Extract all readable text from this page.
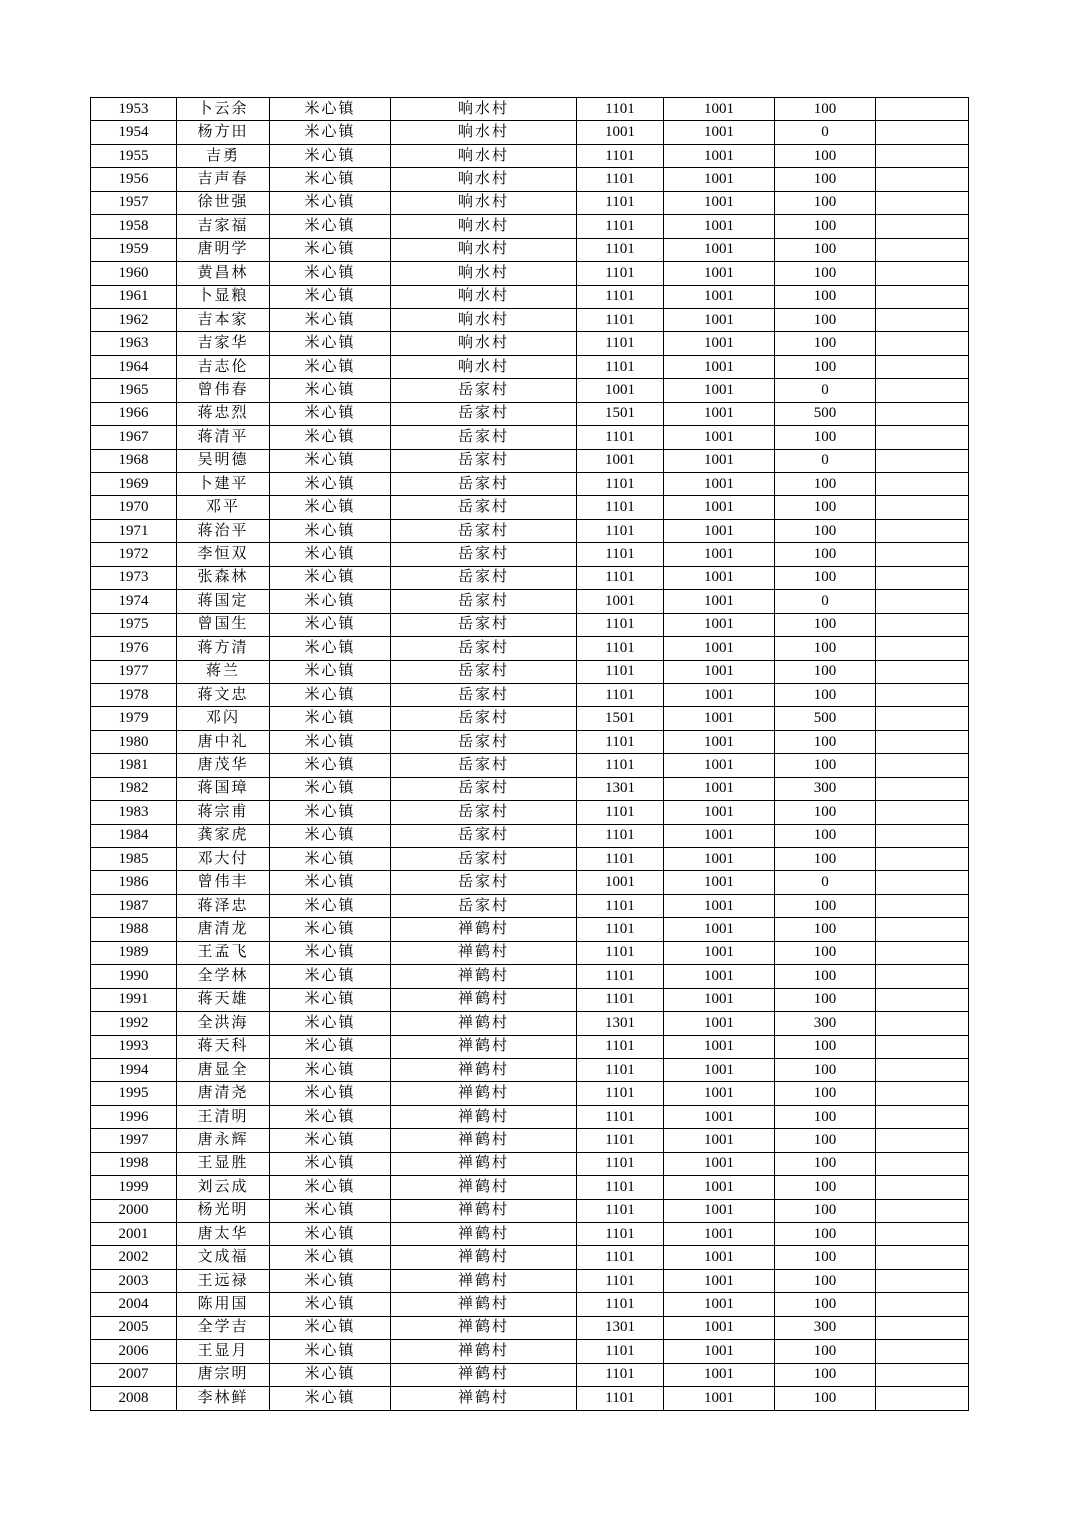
1953	卜云余	米心镇	响水村	1101	1001	100	
1954	杨方田	米心镇	响水村	1001	1001	0	
1955	吉勇	米心镇	响水村	1101	1001	100	
1956	吉声春	米心镇	响水村	1101	1001	100	
1957	徐世强	米心镇	响水村	1101	1001	100	
1958	吉家福	米心镇	响水村	1101	1001	100	
1959	唐明学	米心镇	响水村	1101	1001	100	
1960	黄昌林	米心镇	响水村	1101	1001	100	
1961	卜显粮	米心镇	响水村	1101	1001	100	
1962	吉本家	米心镇	响水村	1101	1001	100	
1963	吉家华	米心镇	响水村	1101	1001	100	
1964	吉志伦	米心镇	响水村	1101	1001	100	
1965	曾伟春	米心镇	岳家村	1001	1001	0	
1966	蒋忠烈	米心镇	岳家村	1501	1001	500	
1967	蒋清平	米心镇	岳家村	1101	1001	100	
1968	吴明德	米心镇	岳家村	1001	1001	0	
1969	卜建平	米心镇	岳家村	1101	1001	100	
1970	邓平	米心镇	岳家村	1101	1001	100	
1971	蒋治平	米心镇	岳家村	1101	1001	100	
1972	李恒双	米心镇	岳家村	1101	1001	100	
1973	张森林	米心镇	岳家村	1101	1001	100	
1974	蒋国定	米心镇	岳家村	1001	1001	0	
1975	曾国生	米心镇	岳家村	1101	1001	100	
1976	蒋方清	米心镇	岳家村	1101	1001	100	
1977	蒋兰	米心镇	岳家村	1101	1001	100	
1978	蒋文忠	米心镇	岳家村	1101	1001	100	
1979	邓闪	米心镇	岳家村	1501	1001	500	
1980	唐中礼	米心镇	岳家村	1101	1001	100	
1981	唐茂华	米心镇	岳家村	1101	1001	100	
1982	蒋国璋	米心镇	岳家村	1301	1001	300	
1983	蒋宗甫	米心镇	岳家村	1101	1001	100	
1984	龚家虎	米心镇	岳家村	1101	1001	100	
1985	邓大付	米心镇	岳家村	1101	1001	100	
1986	曾伟丰	米心镇	岳家村	1001	1001	0	
1987	蒋泽忠	米心镇	岳家村	1101	1001	100	
1988	唐清龙	米心镇	禅鹤村	1101	1001	100	
1989	王孟飞	米心镇	禅鹤村	1101	1001	100	
1990	全学林	米心镇	禅鹤村	1101	1001	100	
1991	蒋天雄	米心镇	禅鹤村	1101	1001	100	
1992	全洪海	米心镇	禅鹤村	1301	1001	300	
1993	蒋天科	米心镇	禅鹤村	1101	1001	100	
1994	唐显全	米心镇	禅鹤村	1101	1001	100	
1995	唐清尧	米心镇	禅鹤村	1101	1001	100	
1996	王清明	米心镇	禅鹤村	1101	1001	100	
1997	唐永辉	米心镇	禅鹤村	1101	1001	100	
1998	王显胜	米心镇	禅鹤村	1101	1001	100	
1999	刘云成	米心镇	禅鹤村	1101	1001	100	
2000	杨光明	米心镇	禅鹤村	1101	1001	100	
2001	唐太华	米心镇	禅鹤村	1101	1001	100	
2002	文成福	米心镇	禅鹤村	1101	1001	100	
2003	王远禄	米心镇	禅鹤村	1101	1001	100	
2004	陈用国	米心镇	禅鹤村	1101	1001	100	
2005	全学吉	米心镇	禅鹤村	1301	1001	300	
2006	王显月	米心镇	禅鹤村	1101	1001	100	
2007	唐宗明	米心镇	禅鹤村	1101	1001	100	
2008	李林鲜	米心镇	禅鹤村	1101	1001	100	
